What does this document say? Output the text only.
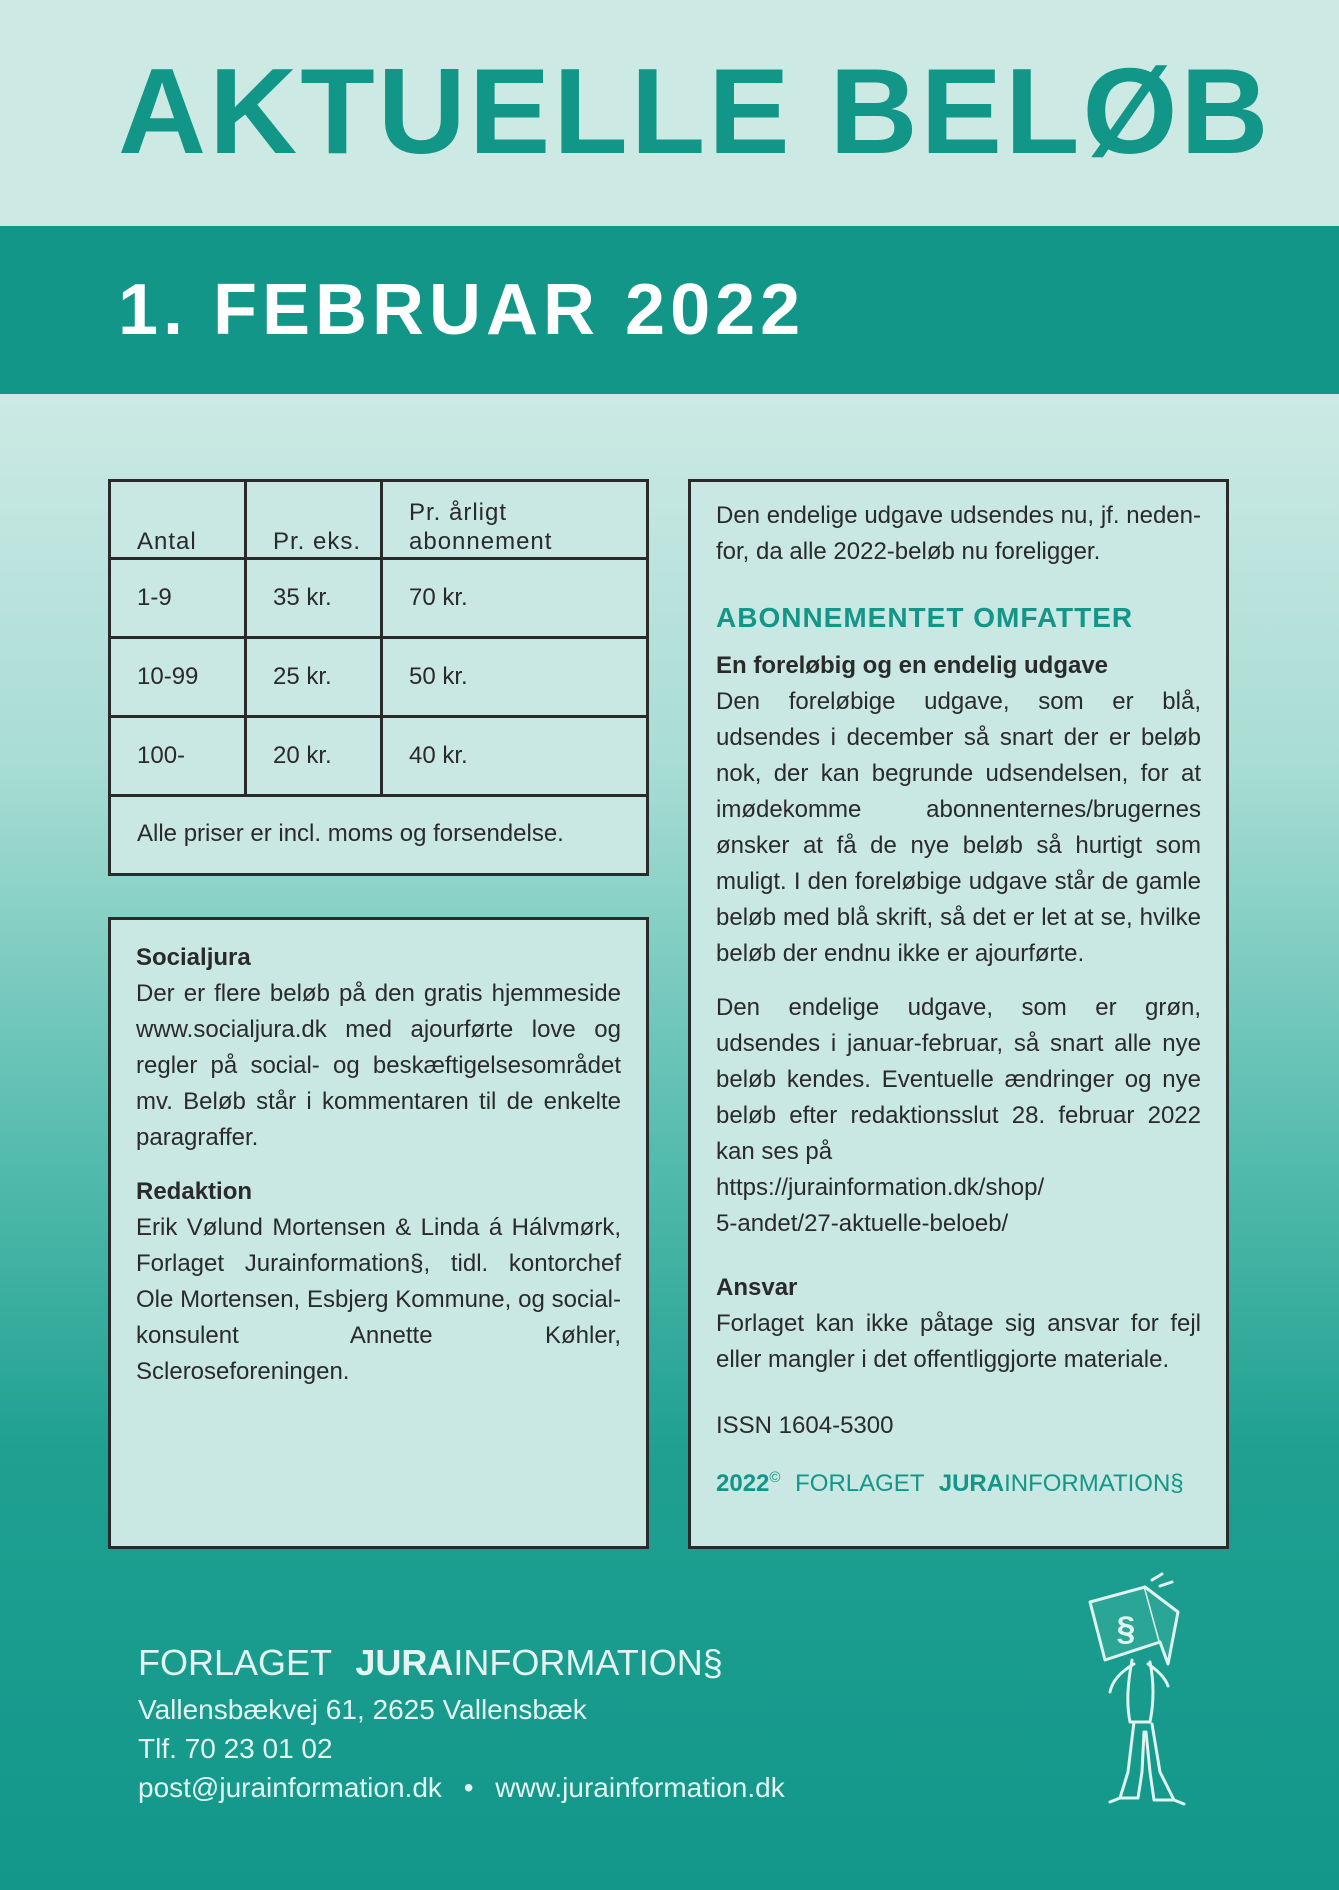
AKTUELLE BELØB
1. FEBRUAR 2022
Antal	Pr. eks.	Pr. årligt abonnement
1-9	35 kr.	70 kr.
10-99	25 kr.	50 kr.
100-	20 kr.	40 kr.
Alle priser er incl. moms og forsendelse.		

Socialjura

Der er flere beløb på den gratis hjemmeside www.socialjura.dk med ajourførte love og regler på social- og beskæftigelsesområdet mv. Beløb står i kommentaren til de enkelte paragraffer.

Redaktion

Erik Vølund Mortensen & Linda á Hálvmørk, Forlaget Jurainformation§, tidl. kontorchef Ole Mortensen, Esbjerg Kommune, og socialkonsulent Annette Køhler, Scleroseforeningen.

Den endelige udgave udsendes nu, jf. nedenfor, da alle 2022-beløb nu foreligger.

ABONNEMENTET OMFATTER

En foreløbig og en endelig udgave

Den foreløbige udgave, som er blå, udsendes i december så snart der er beløb nok, der kan begrunde udsendelsen, for at imødekomme abonnenternes/brugernes ønsker at få de nye beløb så hurtigt som muligt. I den foreløbige udgave står de gamle beløb med blå skrift, så det er let at se, hvilke beløb der endnu ikke er ajourførte.

Den endelige udgave, som er grøn, udsendes i januar-februar, så snart alle nye beløb kendes. Eventuelle ændringer og nye beløb efter redaktionsslut 28. februar 2022 kan ses på

https://jurainformation.dk/shop/
5-andet/27-aktuelle-beloeb/

Ansvar

Forlaget kan ikke påtage sig ansvar for fejl eller mangler i det offentliggjorte materiale.

ISSN 1604-5300

2022© FORLAGET JURAINFORMATION§
FORLAGET JURAINFORMATION§
Vallensbækvej 61, 2625 Vallensbæk
Tlf. 70 23 01 02
post@jurainformation.dk • www.jurainformation.dk
§
